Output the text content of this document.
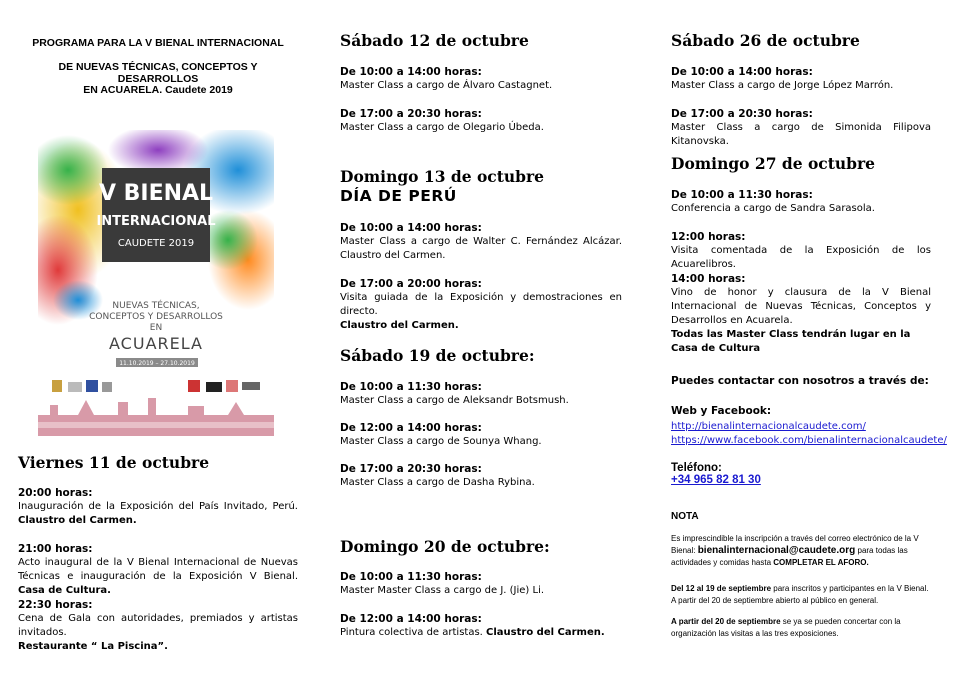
PROGRAMA PARA LA V BIENAL INTERNACIONAL

DE NUEVAS TÉCNICAS, CONCEPTOS Y DESARROLLOS

EN ACUARELA. Caudete 2019

V BIENAL
INTERNACIONAL
CAUDETE 2019
NUEVAS TÉCNICAS,
CONCEPTOS Y DESARROLLOS
EN
ACUARELA
11.10.2019 – 27.10.2019
Viernes 11 de octubre
20:00 horas:
Inauguración de la Exposición del País Invitado, Perú. Claustro del Carmen.
21:00 horas:
Acto inaugural de la V Bienal Internacional de Nuevas Técnicas e inauguración de la Exposición V Bienal. Casa de Cultura.
22:30 horas:
Cena de Gala con autoridades, premiados y artistas invitados.
Restaurante “ La Piscina”.
Sábado 12 de octubre
De 10:00 a 14:00 horas:
Master Class a cargo de Álvaro Castagnet.
De 17:00 a 20:30 horas:
Master Class a cargo de Olegario Úbeda.
Domingo 13 de octubre
DÍA DE PERÚ
De 10:00 a 14:00 horas:
Master Class a cargo de Walter C. Fernández Alcázar. Claustro del Carmen.
De 17:00 a 20:00 horas:
Visita guiada de la Exposición y demostraciones en directo.
Claustro del Carmen.
Sábado 19 de octubre:
De 10:00 a 11:30 horas:
Master Class a cargo de Aleksandr Botsmush.
De 12:00 a 14:00 horas:
Master Class a cargo de Sounya Whang.
De 17:00 a 20:30 horas:
Master Class a cargo de Dasha Rybina.
Domingo 20 de octubre:
De 10:00 a 11:30 horas:
Master Master Class a cargo de J. (Jie) Li.
De 12:00 a 14:00 horas:
Pintura colectiva de artistas. Claustro del Carmen.
Sábado 26 de octubre
De 10:00 a 14:00 horas:
Master Class a cargo de Jorge López Marrón.
De 17:00 a 20:30 horas:
Master Class a cargo de Simonida Filipova Kitanovska.
Domingo 27 de octubre
De 10:00 a 11:30 horas:
Conferencia a cargo de Sandra Sarasola.
12:00 horas:
Visita comentada de la Exposición de los Acuarelibros.
14:00 horas:
Vino de honor y clausura de la V Bienal Internacional de Nuevas Técnicas, Conceptos y Desarrollos en Acuarela.
Todas las Master Class tendrán lugar en la Casa de Cultura
Puedes contactar con nosotros a través de:
Web y Facebook:
http://bienalinternacionalcaudete.com/
https://www.facebook.com/bienalinternacionalcaudete/
Teléfono:
+34 965 82 81 30
NOTA
Es imprescindible la inscripción a través del correo electrónico de la V Bienal: bienalinternacional@caudete.org para todas las actividades y comidas hasta COMPLETAR EL AFORO.
Del 12 al 19 de septiembre para inscritos y participantes en la V Bienal. A partir del 20 de septiembre abierto al público en general.
A partir del 20 de septiembre se ya se pueden concertar con la organización las visitas a las tres exposiciones.
